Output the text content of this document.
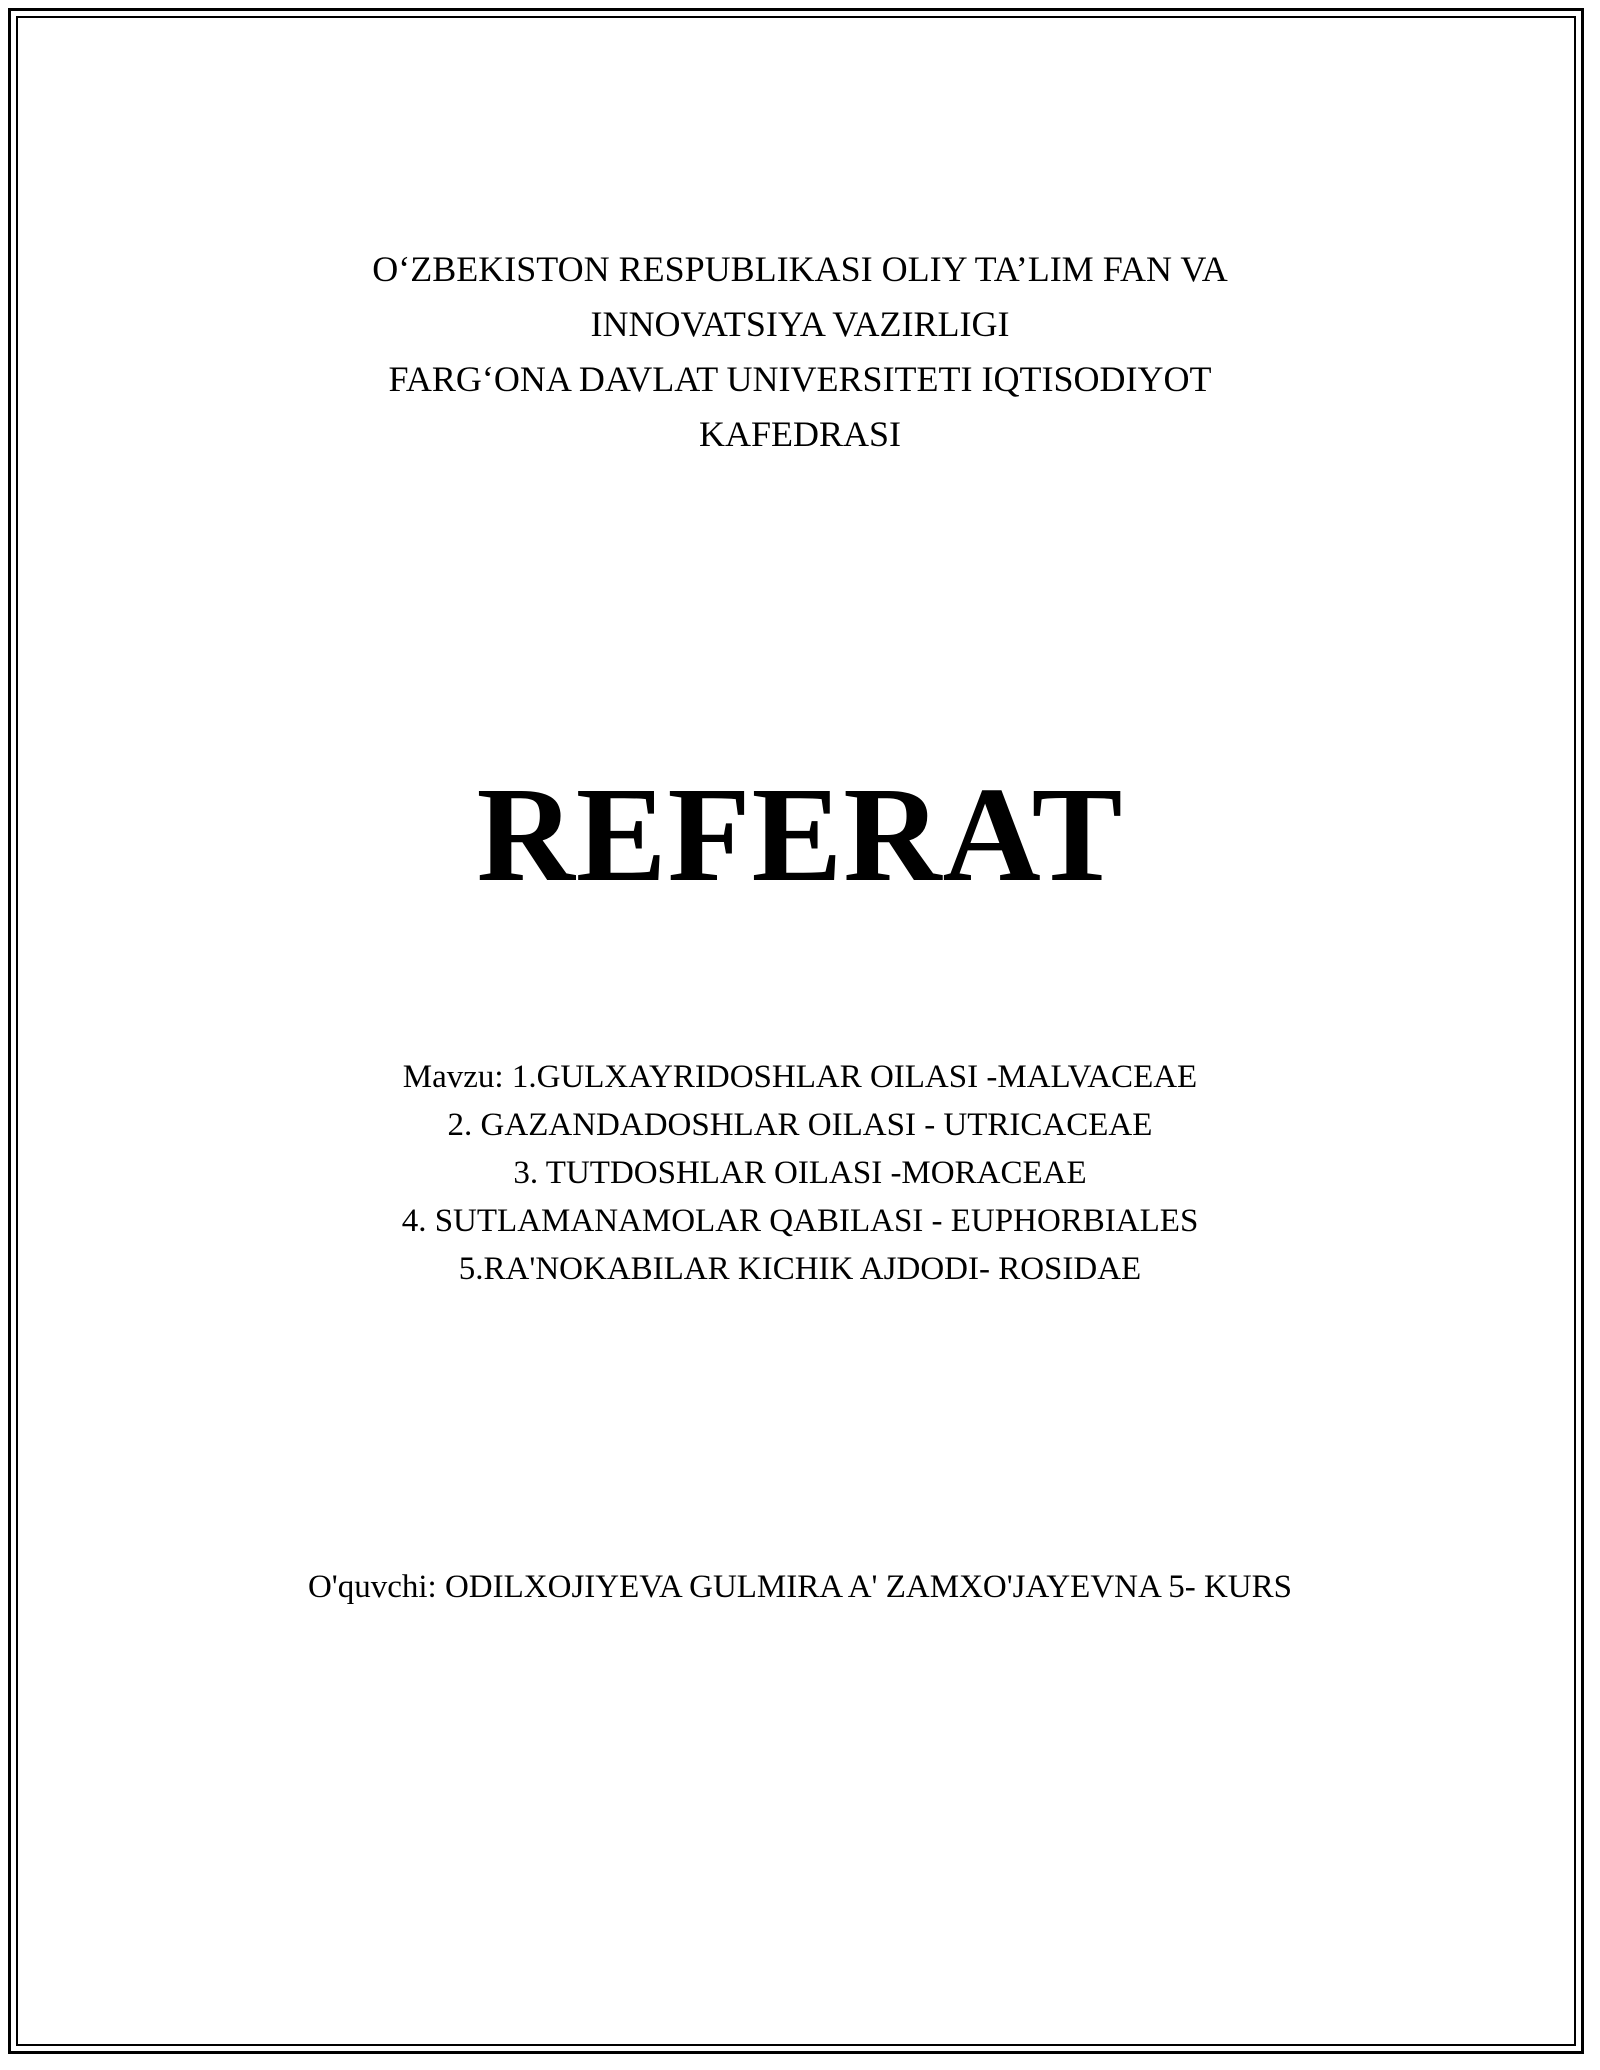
O‘ZBEKISTON RESPUBLIKASI OLIY TA’LIM FAN VA
INNOVATSIYA VAZIRLIGI
FARG‘ONA DAVLAT UNIVERSITETI IQTISODIYOT
KAFEDRASI
REFERAT
Mavzu: 1.GULXAYRIDOSHLAR OILASI -MALVACEAE
2. GAZANDADOSHLAR OILASI - UTRICACEAE
3. TUTDOSHLAR OILASI -MORACEAE
4. SUTLAMANAMOLAR QABILASI - EUPHORBIALES
5.RA'NOKABILAR KICHIK AJDODI- ROSIDAE
O'quvchi: ODILXOJIYEVA GULMIRA A' ZAMXO'JAYEVNA 5- KURS
